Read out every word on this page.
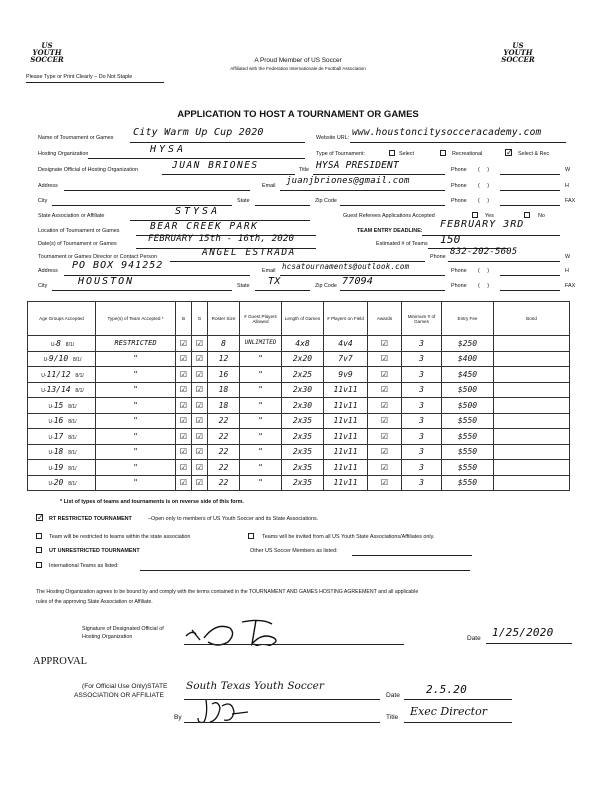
US YOUTH SOCCER
US YOUTH SOCCER
Please Type or Print Clearly – Do Not Staple
A Proud Member of US Soccer
Affiliated with the Federation Internationale de Football Association
APPLICATION TO HOST A TOURNAMENT OR GAMES
Name of Tournament or Games City Warm Up Cup 2020	Website URL: www.houstoncitysocceracademy.com
Hosting Organization	HYSA	Type of Tournament:	Select	Recreational	✓ Select & Rec
Designate Official of Hosting Organization	JUAN BRIONES	Title HYSA PRESIDENT	Phone (     )	W
Address	Email juanjbriones@gmail.com	Phone (     )	H
City	State	Zip Code	Phone (     )	FAX
State Association or Affiliate	STYSA	Guest Referees Applications Accepted	Yes	No
Location of Tournament or Games	BEAR CREEK PARK	TEAM ENTRY DEADLINE:
FEBRUARY 3RD
Date(s) of Tournament or Games	FEBRUARY 15th - 16th, 2020	Estimated # of Teams 150
Tournament or Games Director or Contact Person	ANGEL ESTRADA	Phone 832-202-5605	W
Address PO BOX 941252	Email hcsatournaments@outlook.com	Phone (     )	H
City	HOUSTON	State TX	Zip Code 77094	Phone (     )	FAX
Age Groups Accepted	Type(s) of Team Accepted *	B	G	Roster Size	# Guest Players Allowed	Length of Games	# Players on Field	Awards	Minimum # of Games	Entry Fee	Bond
U-8 8/1/	RESTRICTED	☑	☑	8	UNLIMITED	4x8	4v4	☑	3	$250	
U-9/10 8/1/	"	☑	☑	12	"	2x20	7v7	☑	3	$400	
U-11/12 8/1/	"	☑	☑	16	"	2x25	9v9	☑	3	$450	
U-13/14 8/1/	"	☑	☑	18	"	2x30	11v11	☑	3	$500	
U-15 8/1/	"	☑	☑	18	"	2x30	11v11	☑	3	$500	
U-16 8/1/	"	☑	☑	22	"	2x35	11v11	☑	3	$550	
U-17 8/1/	"	☑	☑	22	"	2x35	11v11	☑	3	$550	
U-18 8/1/	"	☑	☑	22	"	2x35	11v11	☑	3	$550	
U-19 8/1/	"	☑	☑	22	"	2x35	11v11	☑	3	$550	
U-20 8/1/	"	☑	☑	22	"	2x35	11v11	☑	3	$550	
* List of types of teams and tournaments is on reverse side of this form.
✓ RT RESTRICTED TOURNAMENT	–Open only to members of US Youth Soccer and its State Associations.
Team will be restricted to teams within the state association	Teams will be invited from all US Youth State Associations/Affiliates only.
UT UNRESTRICTED TOURNAMENT	Other US Soccer Members as listed:
International Teams as listed:
The Hosting Organization agrees to be bound by and comply with the terms contained in the TOURNAMENT AND GAMES HOSTING AGREEMENT and all applicable
rules of the approving State Association or Affiliate.
Signature of Designated Official of Hosting Organization	Date 1/25/2020
APPROVAL
(For Official Use Only)STATE
ASSOCIATION OR AFFILIATE
South Texas Youth Soccer
Date 2.5.20
By	Title Exec Director
